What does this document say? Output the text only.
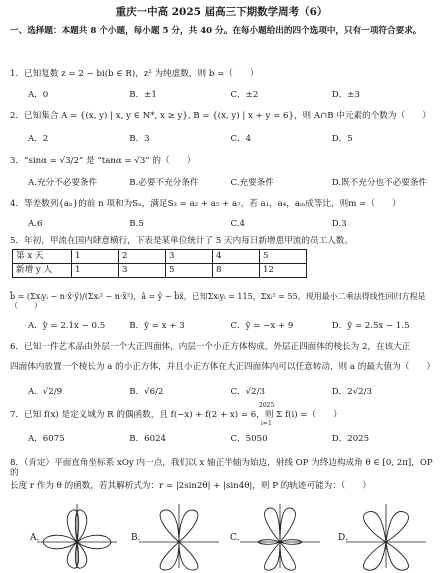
重庆一中高 2025 届高三下期数学周考（6）
一、选择题：本题共 8 个小题，每小题 5 分，共 40 分。在每小题给出的四个选项中，只有一项符合要求。
1．已知复数 z = 2 − bi(b ∈ R)，z² 为纯虚数，则 b =（　　）
A．0	B．±1	C．±2	D．±3
2．已知集合 A = {(x, y) | x, y ∈ N*, x ≥ y}, B = {(x, y) | x + y = 6}，则 A∩B 中元素的个数为（　　）
A．2	B．3	C．4	D．5
3．“sinα = √3/2” 是 “tanα = √3” 的（　　）
A.充分不必要条件	B.必要不充分条件	C.充要条件	D.既不充分也不必要条件
4．等差数列{aₙ}的前 n 项和为Sₙ，满足S₃ = a₂ + a₅ + a₇，若 a₁，a₄，aₘ成等比，则m =（　　）
A.6	B.5	C.4	D.3
5．年初，甲流在国内肆意横行，下表是某单位统计了 5 天内每日新增患甲流的员工人数。
第 x 天	1	2	3	4	5
新增 y 人	1	3	5	8	12
b̂ = (Σxᵢyᵢ − n·x̄·ȳ)/(Σxᵢ² − n·x̄²)，â = ȳ − b̂x̄，已知Σxᵢyᵢ = 115，Σxᵢ² = 55，现用最小二乘法得线性回归方程是（　　）
A．ŷ = 2.1x − 0.5	B．ŷ = x + 3	C．ŷ = −x + 9	D．ŷ = 2.5x − 1.5
6．已知一件艺术品由外层一个大正四面体，内层一个小正方体构成，外层正四面体的棱长为 2，在该大正
四面体内放置一个棱长为 a 的小正方体，并且小正方体在大正四面体内可以任意转动，则 a 的最大值为（　　）
A．√2/9	B．√6/2	C．√2/3	D．2√2/3
7．已知 f(x) 是定义域为 R 的偶函数，且 f(−x) + f(2 + x) = 6，则 Σ f(i) =（　　）
2025
i=1
A．6075	B．6024	C．5050	D．2025
8．（肯定）平面直角坐标系 xOy 内一点，我们以 x 轴正半轴为始边，射线 OP 为终边构成角 θ ∈ [0, 2π]，OP 的
长度 r 作为 θ 的函数，若其解析式为：r = |2sin2θ| + |sin4θ|，则 P 的轨迹可能为：（　　）
A．	B．	C．	D．
